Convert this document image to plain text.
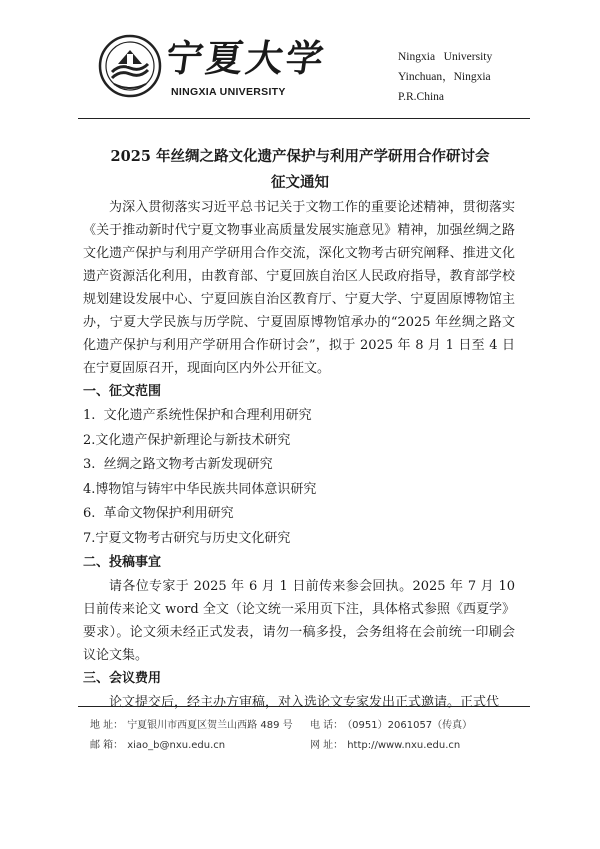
宁夏大学
NINGXIA UNIVERSITY
Ningxia   University
Yinchuan，Ningxia
P.R.China
2025 年丝绸之路文化遗产保护与利用产学研用合作研讨会
征文通知

为深入贯彻落实习近平总书记关于文物工作的重要论述精神，贯彻落实《关于推动新时代宁夏文物事业高质量发展实施意见》精神，加强丝绸之路文化遗产保护与利用产学研用合作交流，深化文物考古研究阐释、推进文化遗产资源活化利用，由教育部、宁夏回族自治区人民政府指导，教育部学校规划建设发展中心、宁夏回族自治区教育厅、宁夏大学、宁夏固原博物馆主办，宁夏大学民族与历学院、宁夏固原博物馆承办的“2025 年丝绸之路文化遗产保护与利用产学研用合作研讨会”，拟于 2025 年 8 月 1 日至 4 日在宁夏固原召开，现面向区内外公开征文。

一、征文范围

1.  文化遗产系统性保护和合理利用研究

2.文化遗产保护新理论与新技术研究

3.  丝绸之路文物考古新发现研究

4.博物馆与铸牢中华民族共同体意识研究

6.  革命文物保护利用研究

7.宁夏文物考古研究与历史文化研究

二、投稿事宜

请各位专家于 2025 年 6 月 1 日前传来参会回执。2025 年 7 月 10 日前传来论文 word 全文（论文统一采用页下注，具体格式参照《西夏学》要求）。论文须未经正式发表，请勿一稿多投，会务组将在会前统一印刷会议论文集。

三、会议费用

论文提交后，经主办方审稿，对入选论文专家发出正式邀请。正式代

地 址： 宁夏银川市西夏区贺兰山西路 489 号 电 话： （0951）2061057（传真）
邮 箱： xiao_b@nxu.edu.cn	网 址： http://www.nxu.edu.cn
